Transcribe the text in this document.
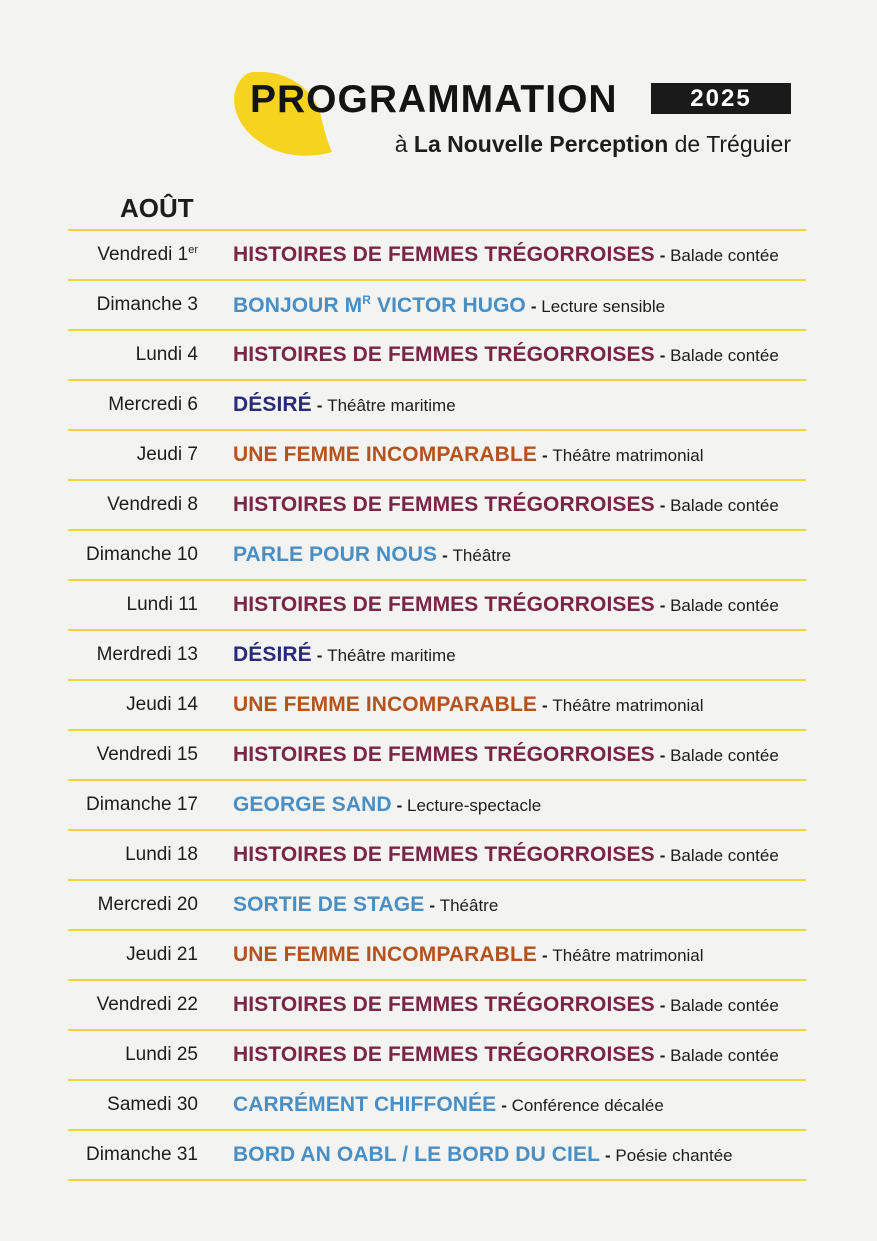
PROGRAMMATION	2025
à La Nouvelle Perception de Tréguier
AOÛT
Vendredi 1er HISTOIRES DE FEMMES TRÉGORROISES - Balade contée
Dimanche 3 BONJOUR $M^R$ VICTOR HUGO - Lecture sensible
Lundi 4 HISTOIRES DE FEMMES TRÉGORROISES - Balade contée
Mercredi 6 DÉSIRÉ - Théâtre maritime
Jeudi 7 UNE FEMME INCOMPARABLE - Théâtre matrimonial
Vendredi 8 HISTOIRES DE FEMMES TRÉGORROISES - Balade contée
Dimanche 10 PARLE POUR NOUS - Théâtre
Lundi 11 HISTOIRES DE FEMMES TRÉGORROISES - Balade contée
Merdredi 13 DÉSIRÉ - Théâtre maritime
Jeudi 14 UNE FEMME INCOMPARABLE - Théâtre matrimonial
Vendredi 15 HISTOIRES DE FEMMES TRÉGORROISES - Balade contée
Dimanche 17 GEORGE SAND - Lecture-spectacle
Lundi 18 HISTOIRES DE FEMMES TRÉGORROISES - Balade contée
Mercredi 20 SORTIE DE STAGE - Théâtre
Jeudi 21 UNE FEMME INCOMPARABLE - Théâtre matrimonial
Vendredi 22 HISTOIRES DE FEMMES TRÉGORROISES - Balade contée
Lundi 25 HISTOIRES DE FEMMES TRÉGORROISES - Balade contée
Samedi 30 CARRÉMENT CHIFFONÉE - Conférence décalée
Dimanche 31 BORD AN OABL / LE BORD DU CIEL - Poésie chantée
